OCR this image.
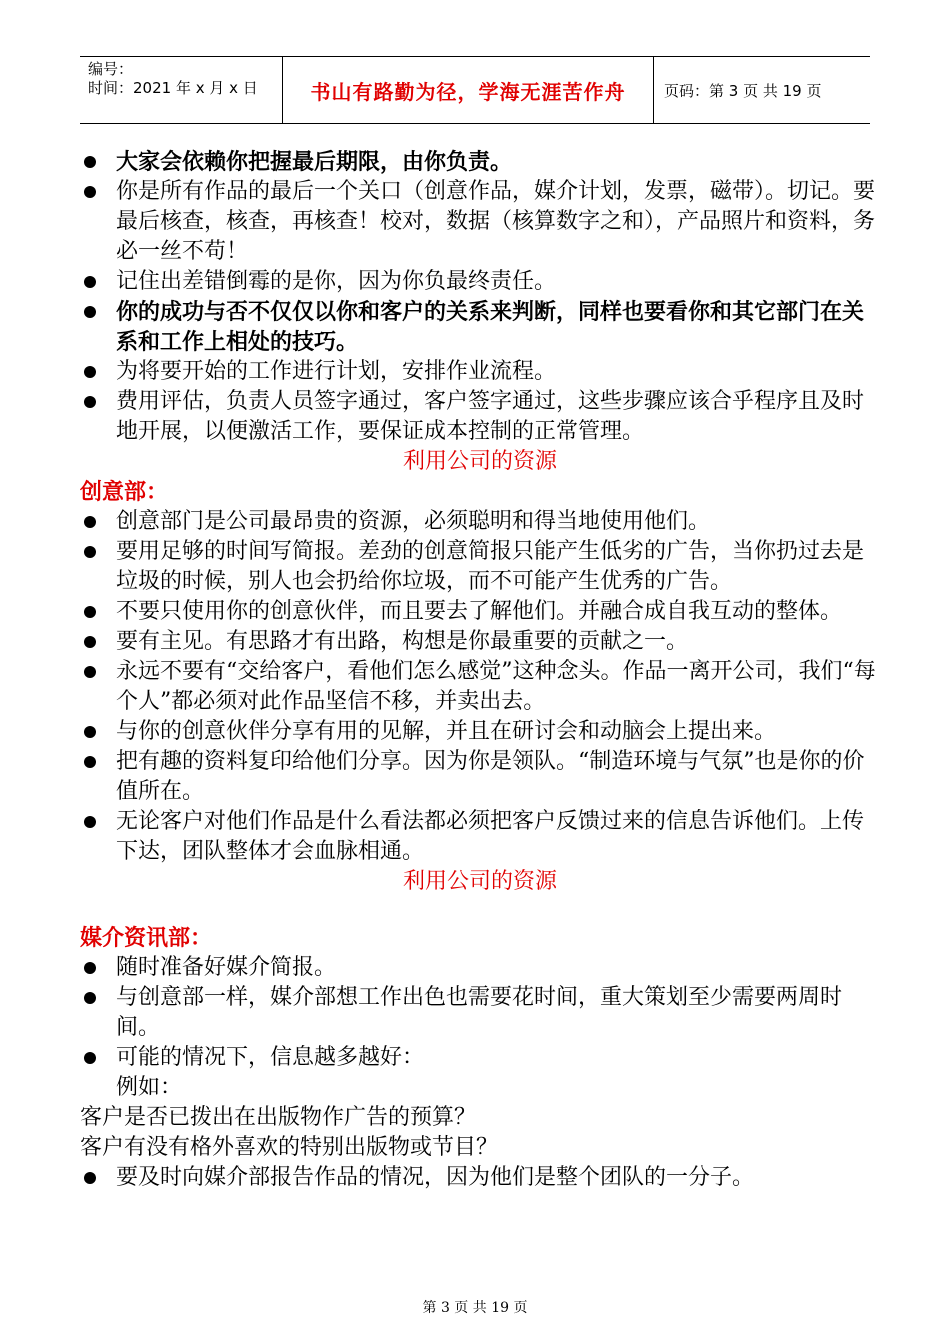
编号：
时间：2021 年 x 月 x 日	书山有路勤为径，学海无涯苦作舟	页码：第 3 页 共 19 页

大家会依赖你把握最后期限，由你负责。

你是所有作品的最后一个关口（创意作品，媒介计划，发票，磁带）。切记。要最后核查，核查，再核查！校对，数据（核算数字之和），产品照片和资料，务必一丝不苟！

记住出差错倒霉的是你，因为你负最终责任。

你的成功与否不仅仅以你和客户的关系来判断，同样也要看你和其它部门在关系和工作上相处的技巧。

为将要开始的工作进行计划，安排作业流程。

费用评估，负责人员签字通过，客户签字通过，这些步骤应该合乎程序且及时地开展，以便激活工作，要保证成本控制的正常管理。

利用公司的资源

创意部：

创意部门是公司最昂贵的资源，必须聪明和得当地使用他们。

要用足够的时间写简报。差劲的创意简报只能产生低劣的广告，当你扔过去是垃圾的时候，别人也会扔给你垃圾，而不可能产生优秀的广告。

不要只使用你的创意伙伴，而且要去了解他们。并融合成自我互动的整体。

要有主见。有思路才有出路，构想是你最重要的贡献之一。

永远不要有“交给客户，看他们怎么感觉”这种念头。作品一离开公司，我们“每个人”都必须对此作品坚信不移，并卖出去。

与你的创意伙伴分享有用的见解，并且在研讨会和动脑会上提出来。

把有趣的资料复印给他们分享。因为你是领队。“制造环境与气氛”也是你的价值所在。

无论客户对他们作品是什么看法都必须把客户反馈过来的信息告诉他们。上传下达，团队整体才会血脉相通。

利用公司的资源

媒介资讯部：

随时准备好媒介简报。

与创意部一样，媒介部想工作出色也需要花时间，重大策划至少需要两周时间。

可能的情况下，信息越多越好：

例如：

客户是否已拨出在出版物作广告的预算？

客户有没有格外喜欢的特别出版物或节目？

要及时向媒介部报告作品的情况，因为他们是整个团队的一分子。

第 3 页 共 19 页
